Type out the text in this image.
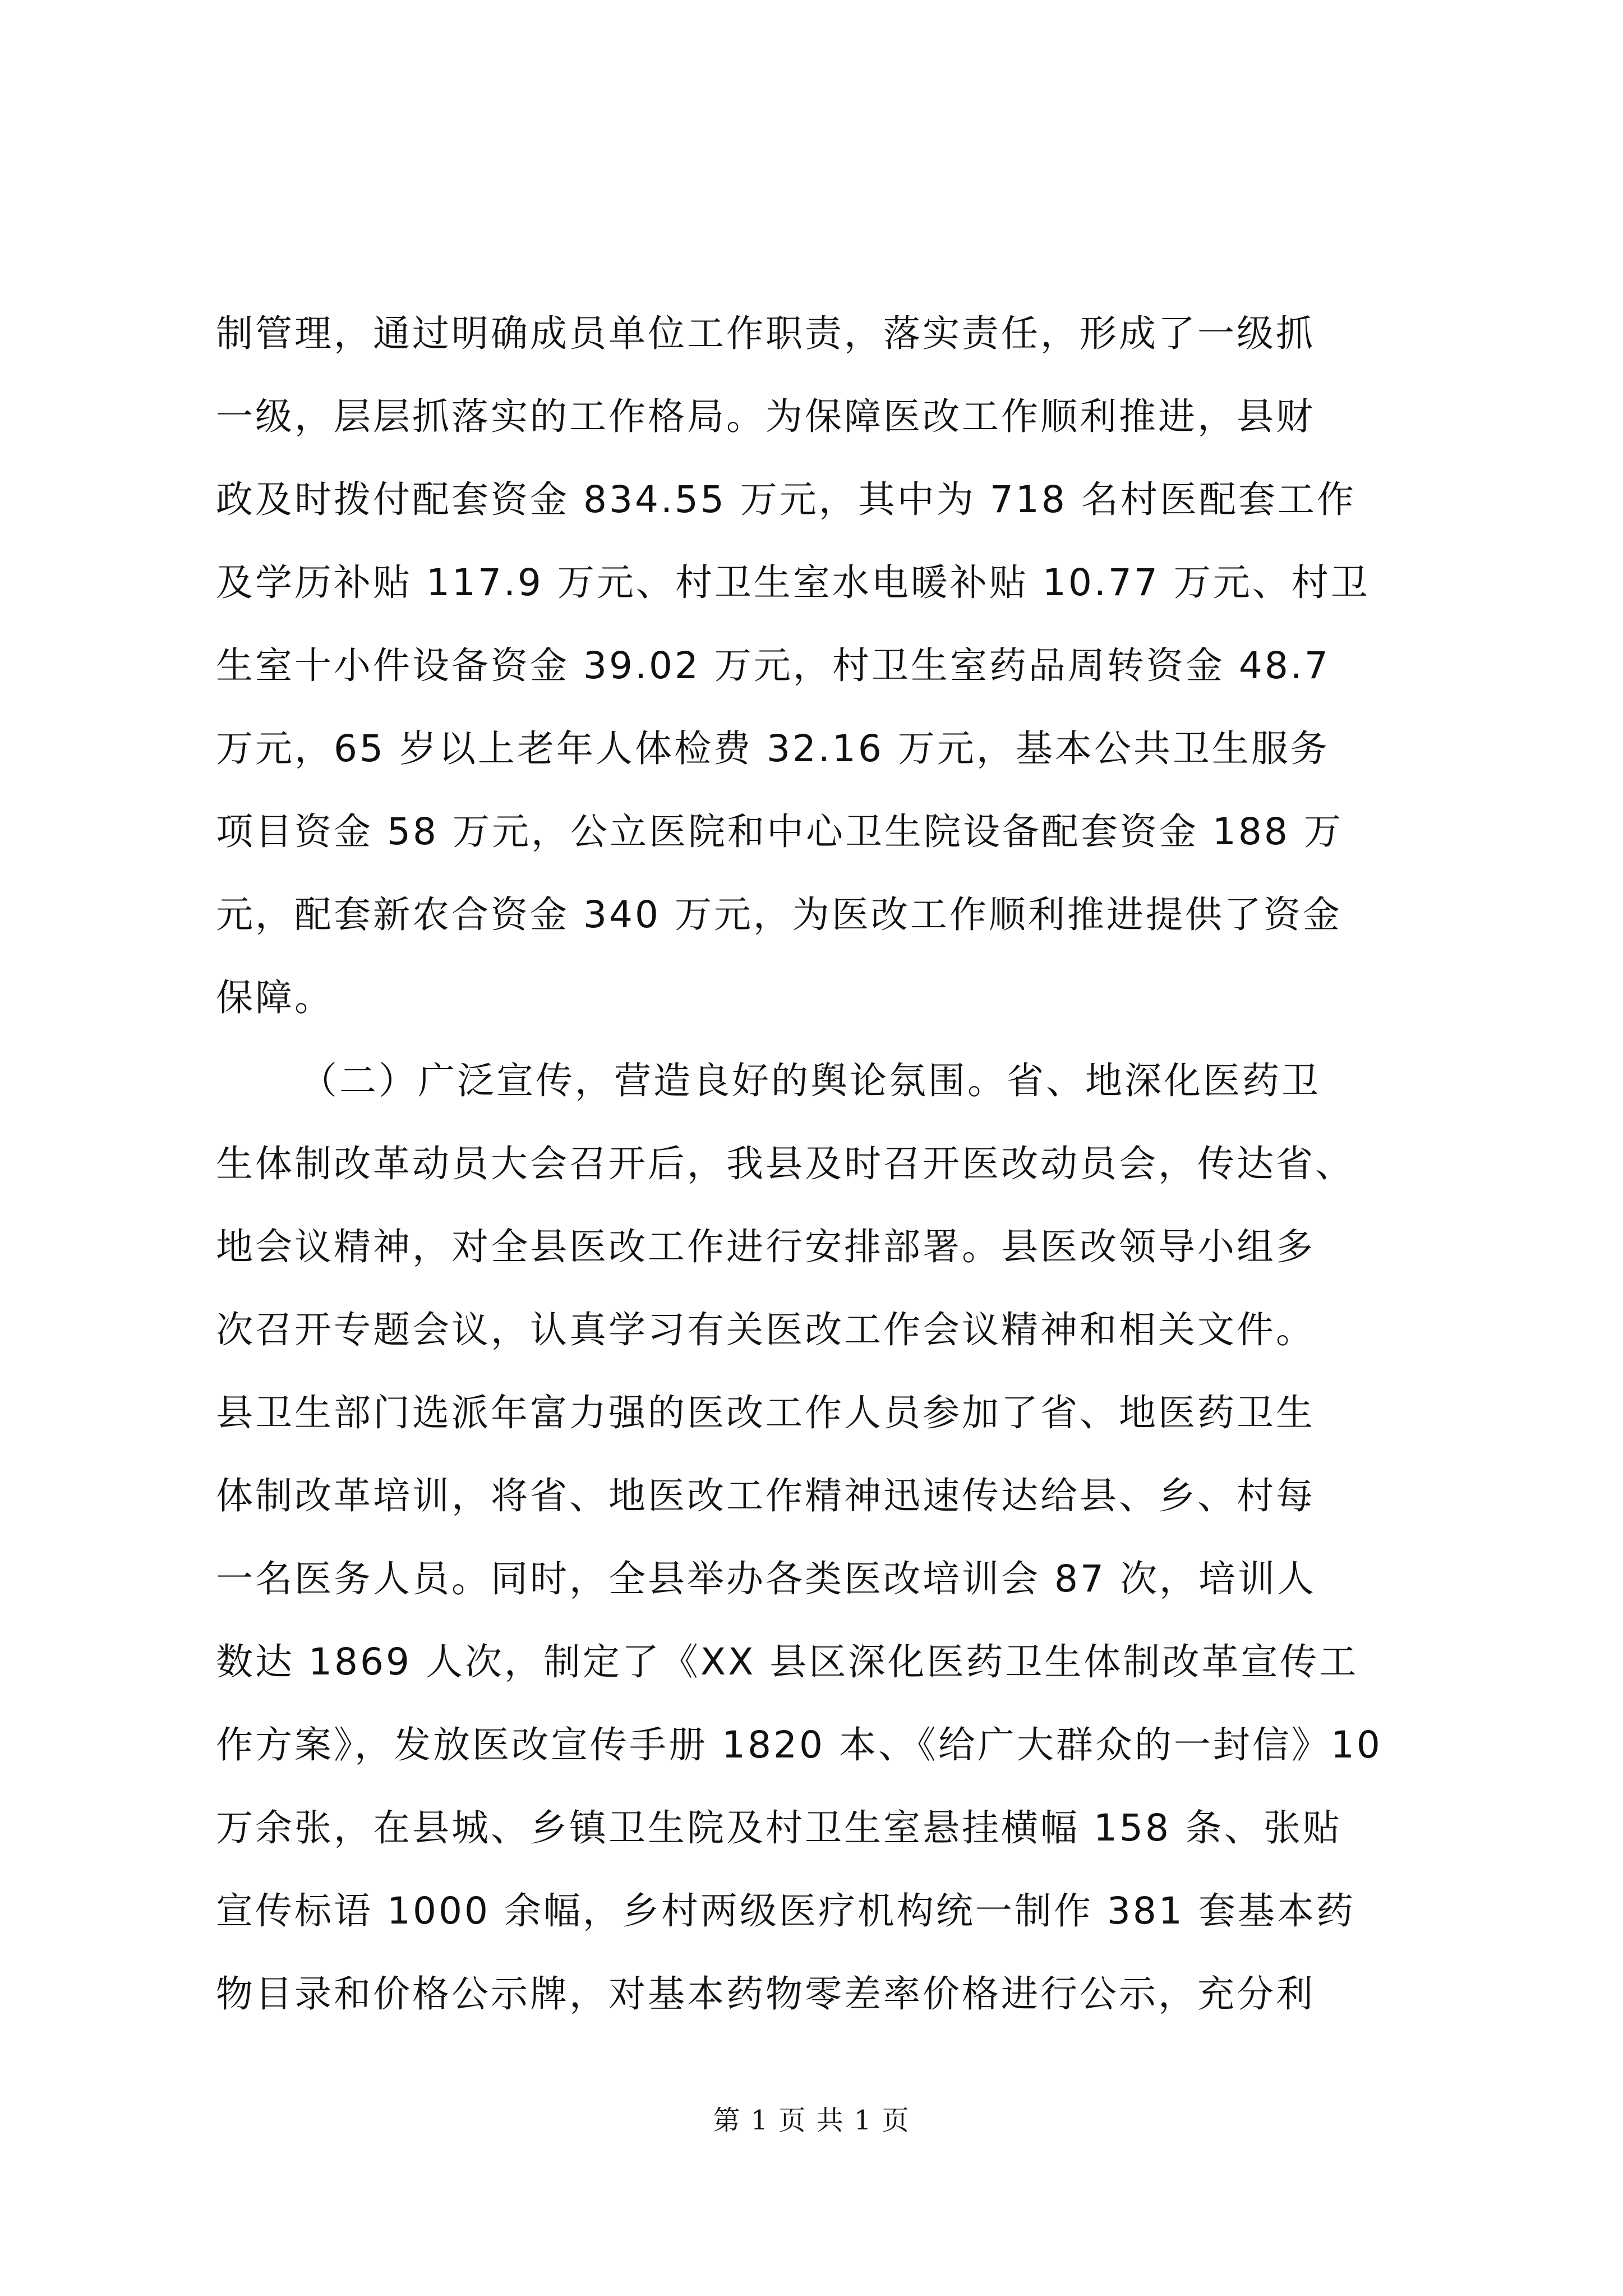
制管理，通过明确成员单位工作职责，落实责任，形成了一级抓
一级，层层抓落实的工作格局。为保障医改工作顺利推进，县财
政及时拨付配套资金 834.55 万元，其中为 718 名村医配套工作
及学历补贴 117.9 万元、村卫生室水电暖补贴 10.77 万元、村卫
生室十小件设备资金 39.02 万元，村卫生室药品周转资金 48.7
万元，65 岁以上老年人体检费 32.16 万元，基本公共卫生服务
项目资金 58 万元，公立医院和中心卫生院设备配套资金 188 万
元，配套新农合资金 340 万元，为医改工作顺利推进提供了资金
保障。
（二）广泛宣传，营造良好的舆论氛围。省、地深化医药卫
生体制改革动员大会召开后，我县及时召开医改动员会，传达省、
地会议精神，对全县医改工作进行安排部署。县医改领导小组多
次召开专题会议，认真学习有关医改工作会议精神和相关文件。
县卫生部门选派年富力强的医改工作人员参加了省、地医药卫生
体制改革培训，将省、地医改工作精神迅速传达给县、乡、村每
一名医务人员。同时，全县举办各类医改培训会 87 次，培训人
数达 1869 人次，制定了《XX 县区深化医药卫生体制改革宣传工
作方案》，发放医改宣传手册 1820 本、《给广大群众的一封信》10
万余张，在县城、乡镇卫生院及村卫生室悬挂横幅 158 条、张贴
宣传标语 1000 余幅，乡村两级医疗机构统一制作 381 套基本药
物目录和价格公示牌，对基本药物零差率价格进行公示，充分利
第 1 页 共 1 页
